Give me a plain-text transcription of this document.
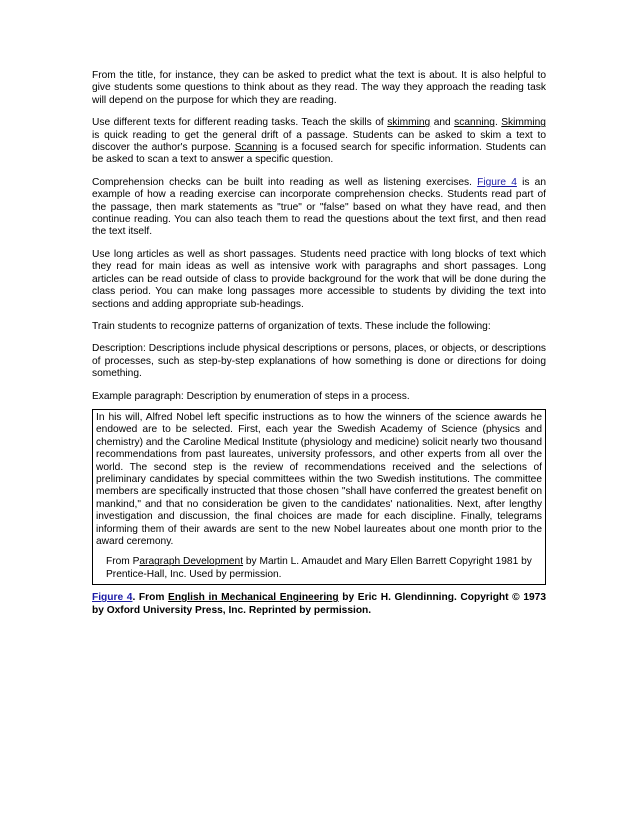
From the title, for instance, they can be asked to predict what the text is about. It is also helpful to give students some questions to think about as they read. The way they approach the reading task will depend on the purpose for which they are reading.

Use different texts for different reading tasks. Teach the skills of skimming and scanning. Skimming is quick reading to get the general drift of a passage. Students can be asked to skim a text to discover the author's purpose. Scanning is a focused search for specific information. Students can be asked to scan a text to answer a specific question.

Comprehension checks can be built into reading as well as listening exercises. Figure 4 is an example of how a reading exercise can incorporate comprehension checks. Students read part of the passage, then mark statements as "true" or "false" based on what they have read, and then continue reading. You can also teach them to read the questions about the text first, and then read the text itself.

Use long articles as well as short passages. Students need practice with long blocks of text which they read for main ideas as well as intensive work with paragraphs and short passages. Long articles can be read outside of class to provide background for the work that will be done during the class period. You can make long passages more accessible to students by dividing the text into sections and adding appropriate sub-headings.

Train students to recognize patterns of organization of texts. These include the following:

Description: Descriptions include physical descriptions or persons, places, or objects, or descriptions of processes, such as step-by-step explanations of how something is done or directions for doing something.

Example paragraph: Description by enumeration of steps in a process.

In his will, Alfred Nobel left specific instructions as to how the winners of the science awards he endowed are to be selected. First, each year the Swedish Academy of Science (physics and chemistry) and the Caroline Medical Institute (physiology and medicine) solicit nearly two thousand recommendations from past laureates, university professors, and other experts from all over the world. The second step is the review of recommendations received and the selections of preliminary candidates by special committees within the two Swedish institutions. The committee members are specifically instructed that those chosen "shall have conferred the greatest benefit on mankind," and that no consideration be given to the candidates' nationalities. Next, after lengthy investigation and discussion, the final choices are made for each discipline. Finally, telegrams informing them of their awards are sent to the new Nobel laureates about one month prior to the award ceremony.

From Paragraph Development by Martin L. Amaudet and Mary Ellen Barrett Copyright 1981 by Prentice-Hall, Inc. Used by permission.

Figure 4. From English in Mechanical Engineering by Eric H. Glendinning. Copyright © 1973 by Oxford University Press, Inc. Reprinted by permission.
